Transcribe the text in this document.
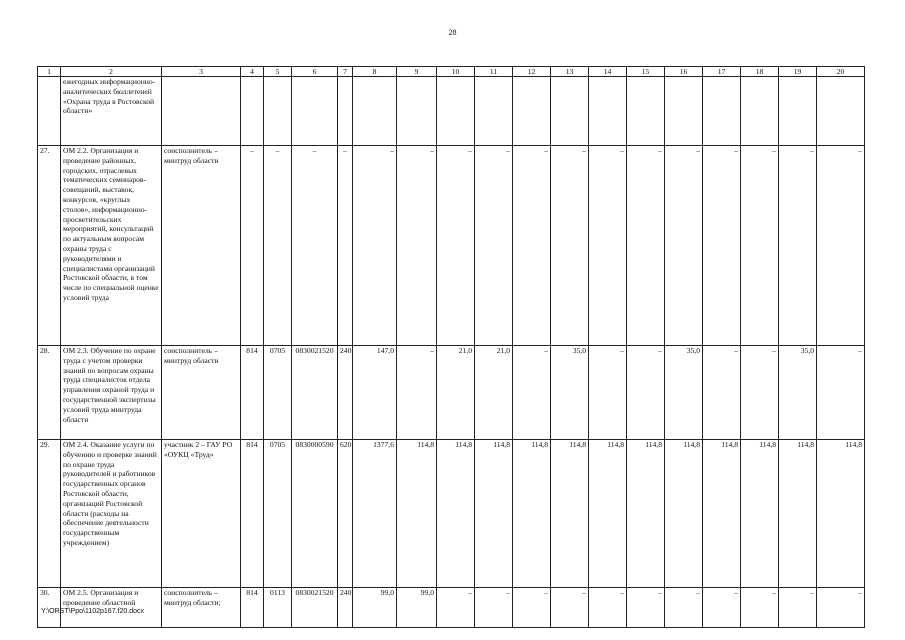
28
1	2	3	4	5	6	7	8	9	10	11	12	13	14	15	16	17	18	19	20
	ежегодных информационно-аналитических бюллетеней «Охрана труда в Ростовской области»																		
27.	ОМ 2.2. Организация и проведение районных, городских, отраслевых тематических семинаров-совещаний, выставок, конкурсов, «круглых столов», информационно-просветительских мероприятий, консультаций по актуальным вопросам охраны труда с руководителями и специалистами организаций Ростовской области, в том числе по специальной оценке условий труда	соисполнитель – минтруд области	–	–	–	–	–	–	–	–	–	–	–	–	–	–	–	–	–
28.	ОМ 2.3. Обучение по охране труда с учетом проверки знаний по вопросам охраны труда специалистов отдела управления охраной труда и государственной экспертизы условий труда минтруда области	соисполнитель – минтруд области	814	0705	0830021520	240	147,0	–	21,0	21,0	–	35,0	–	–	35,0	–	–	35,0	–
29.	ОМ 2.4. Оказание услуги по обучению и проверке знаний по охране труда руководителей и работников государственных органов Ростовской области, организаций Ростовской области (расходы на обеспечение деятельности государственным учреждением)	участник 2 – ГАУ РО «ОУКЦ «Труд»	814	0705	0830000590	620	1377,6	114,8	114,8	114,8	114,8	114,8	114,8	114,8	114,8	114,8	114,8	114,8	114,8
30.	ОМ 2.5. Организация и проведение областной	соисполнитель – минтруд области;	814	0113	0830021520	240	99,0	99,0	–	–	–	–	–	–	–	–	–	–	–
Y:\ORST\Ppo\1102p167.f20.docx
